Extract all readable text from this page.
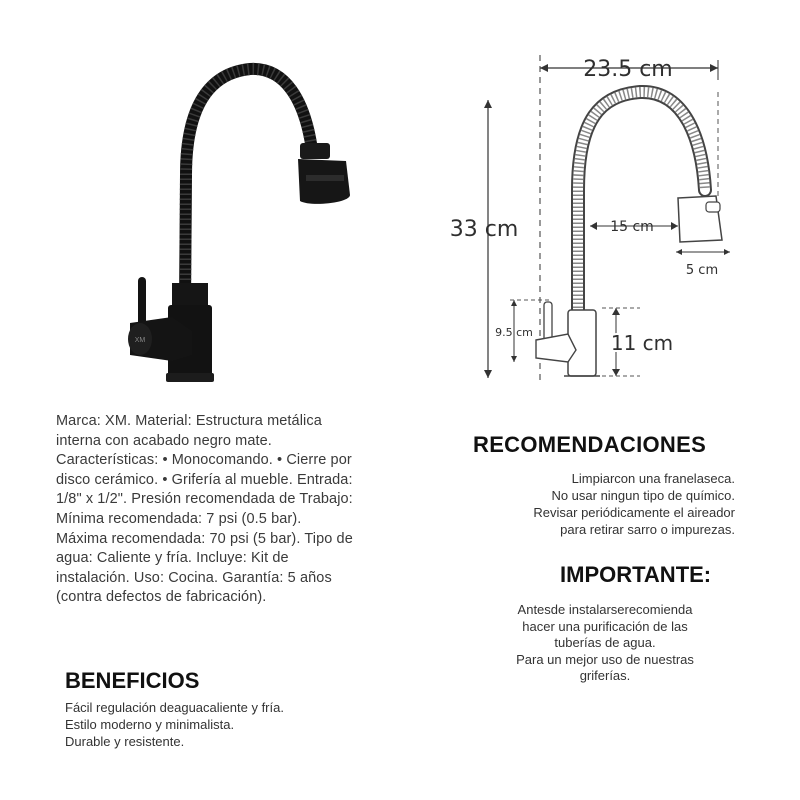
XM
23.5 cm
33 cm
5 cm
15 cm
9.5 cm	11 cm
Marca: XM. Material: Estructura metálica interna con acabado negro mate. Características: • Monocomando. • Cierre por disco cerámico. • Grifería al mueble. Entrada: 1/8" x 1/2". Presión recomendada de Trabajo: Mínima recomendada: 7 psi (0.5 bar). Máxima recomendada: 70 psi (5 bar). Tipo de agua: Caliente y fría. Incluye: Kit de instalación. Uso: Cocina. Garantía: 5 años (contra defectos de fabricación).
BENEFICIOS
Fácil regulación deaguacaliente y fría.
Estilo moderno y minimalista.
Durable y resistente.
RECOMENDACIONES
Limpiarcon una franelaseca.
No usar ningun tipo de químico.
Revisar periódicamente el aireador
para retirar sarro o impurezas.
IMPORTANTE:
Antesde instalarserecomienda
hacer una purificación de las
tuberías de agua.
Para un mejor uso de nuestras
griferías.
